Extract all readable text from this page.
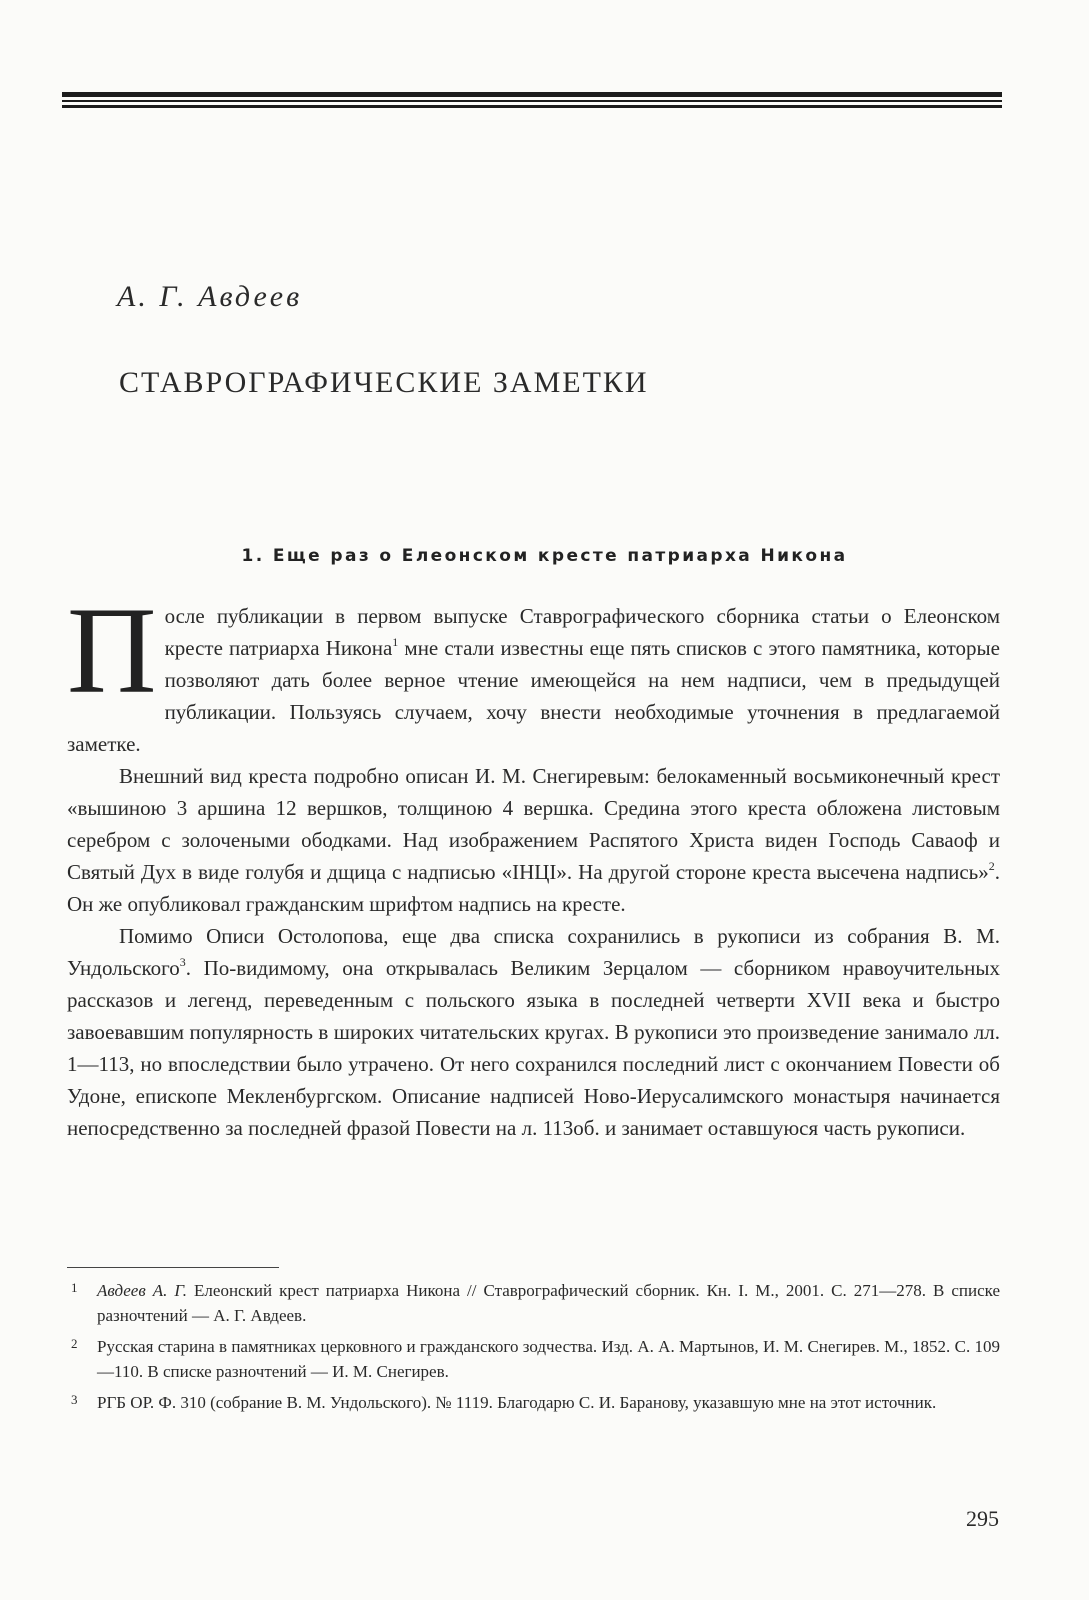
А. Г. Авдеев
СТАВРОГРАФИЧЕСКИЕ ЗАМЕТКИ
1. Еще раз о Елеонском кресте патриарха Никона

После публикации в первом выпуске Ставрографического сборника статьи о Елеонском кресте патриарха Никона$^1$ мне стали известны еще пять списков с этого памятника, которые позволяют дать более верное чтение имеющейся на нем надписи, чем в предыдущей публикации. Пользуясь случаем, хочу внести необходимые уточнения в предлагаемой заметке.

Внешний вид креста подробно описан И. М. Снегиревым: белокаменный восьмиконечный крест «вышиною 3 аршина 12 вершков, толщиною 4 вершка. Средина этого креста обложена листовым серебром с золочеными ободками. Над изображением Распятого Христа виден Господь Саваоф и Святый Дух в виде голубя и дщица с надписью «ІНЦІ». На другой стороне креста высечена надпись»$^2$. Он же опубликовал гражданским шрифтом надпись на кресте.

Помимо Описи Остолопова, еще два списка сохранились в рукописи из собрания В. М. Ундольского$^3$. По-видимому, она открывалась Великим Зерцалом — сборником нравоучительных рассказов и легенд, переведенным с польского языка в последней четверти XVII века и быстро завоевавшим популярность в широких читательских кругах. В рукописи это произведение занимало лл. 1—113, но впоследствии было утрачено. От него сохранился последний лист с окончанием Повести об Удоне, епископе Мекленбургском. Описание надписей Ново-Иерусалимского монастыря начинается непосредственно за последней фразой Повести на л. 113об. и занимает оставшуюся часть рукописи.

1 Авдеев А. Г. Елеонский крест патриарха Никона // Ставрографический сборник. Кн. I. М., 2001. С. 271—278. В списке разночтений — А. Г. Авдеев.
2 Русская старина в памятниках церковного и гражданского зодчества. Изд. А. А. Мартынов, И. М. Снегирев. М., 1852. С. 109—110. В списке разночтений — И. М. Снегирев.
3 РГБ ОР. Ф. 310 (собрание В. М. Ундольского). № 1119. Благодарю С. И. Баранову, указавшую мне на этот источник.
295
